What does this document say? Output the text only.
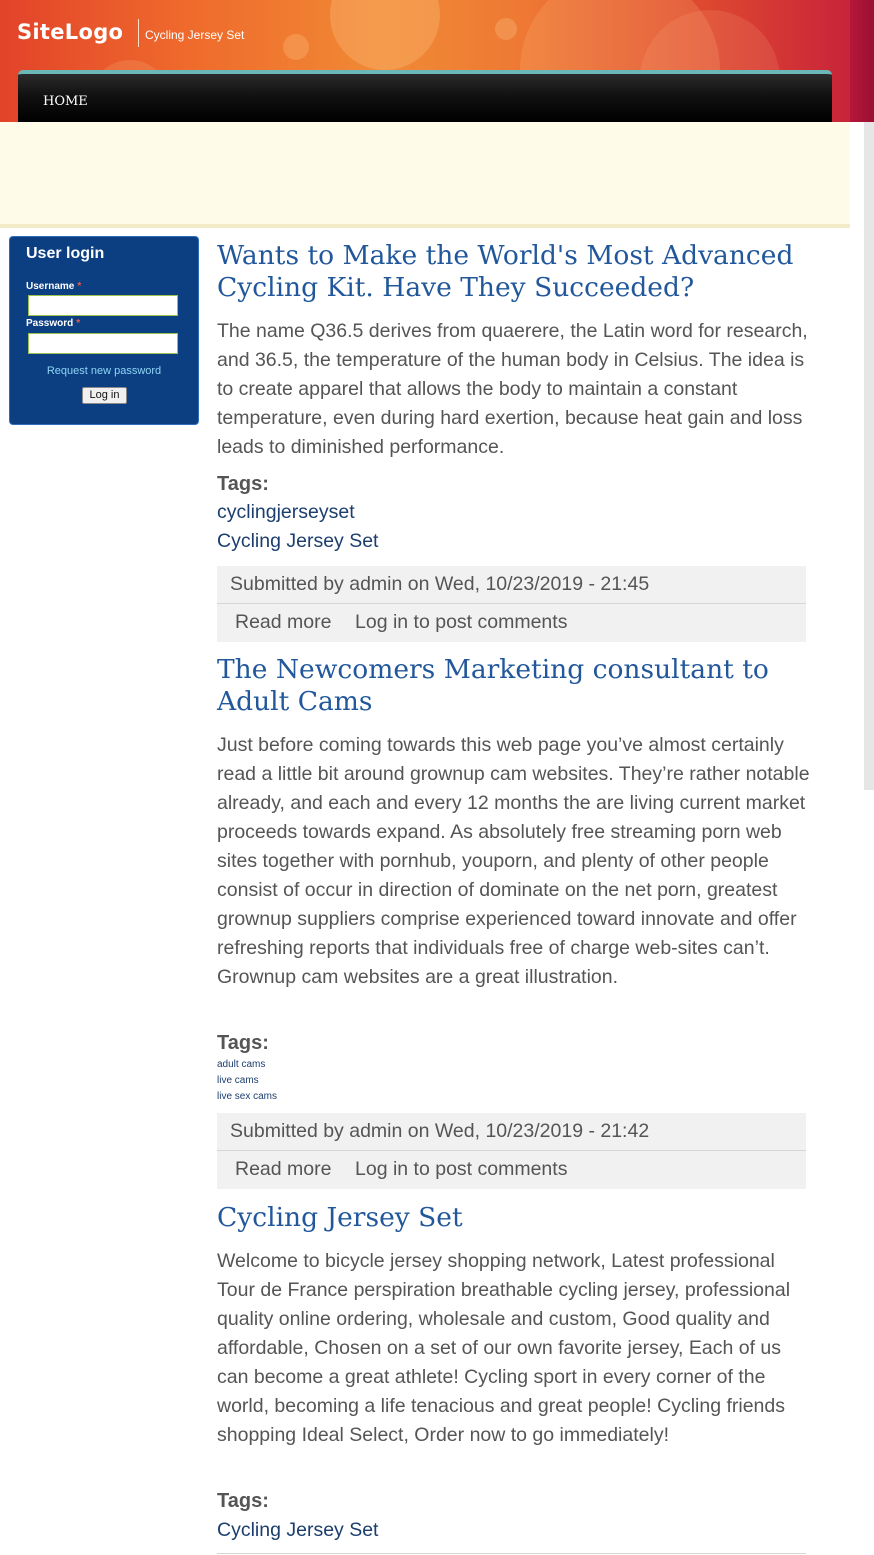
SiteLogo Cycling Jersey Set
HOME
User login
Username *
Password *
Request new password
Log in
Wants to Make the World's Most Advanced Cycling Kit. Have They Succeeded?
The name Q36.5 derives from quaerere, the Latin word for research, and 36.5, the temperature of the human body in Celsius. The idea is to create apparel that allows the body to maintain a constant temperature, even during hard exertion, because heat gain and loss leads to diminished performance.
Tags:
cyclingjerseyset
Cycling Jersey Set
Submitted by admin on Wed, 10/23/2019 - 21:45
Read more Log in to post comments
The Newcomers Marketing consultant to Adult Cams
Just before coming towards this web page you’ve almost certainly read a little bit around grownup cam websites. They’re rather notable already, and each and every 12 months the are living current market proceeds towards expand. As absolutely free streaming porn web sites together with pornhub, youporn, and plenty of other people consist of occur in direction of dominate on the net porn, greatest grownup suppliers comprise experienced toward innovate and offer refreshing reports that individuals free of charge web-sites can’t. Grownup cam websites are a great illustration.
Tags:
adult cams
live cams
live sex cams
Submitted by admin on Wed, 10/23/2019 - 21:42
Read more Log in to post comments
Cycling Jersey Set
Welcome to bicycle jersey shopping network, Latest professional Tour de France perspiration breathable cycling jersey, professional quality online ordering, wholesale and custom, Good quality and affordable, Chosen on a set of our own favorite jersey, Each of us can become a great athlete! Cycling sport in every corner of the world, becoming a life tenacious and great people! Cycling friends shopping Ideal Select, Order now to go immediately!
Tags:
Cycling Jersey Set
